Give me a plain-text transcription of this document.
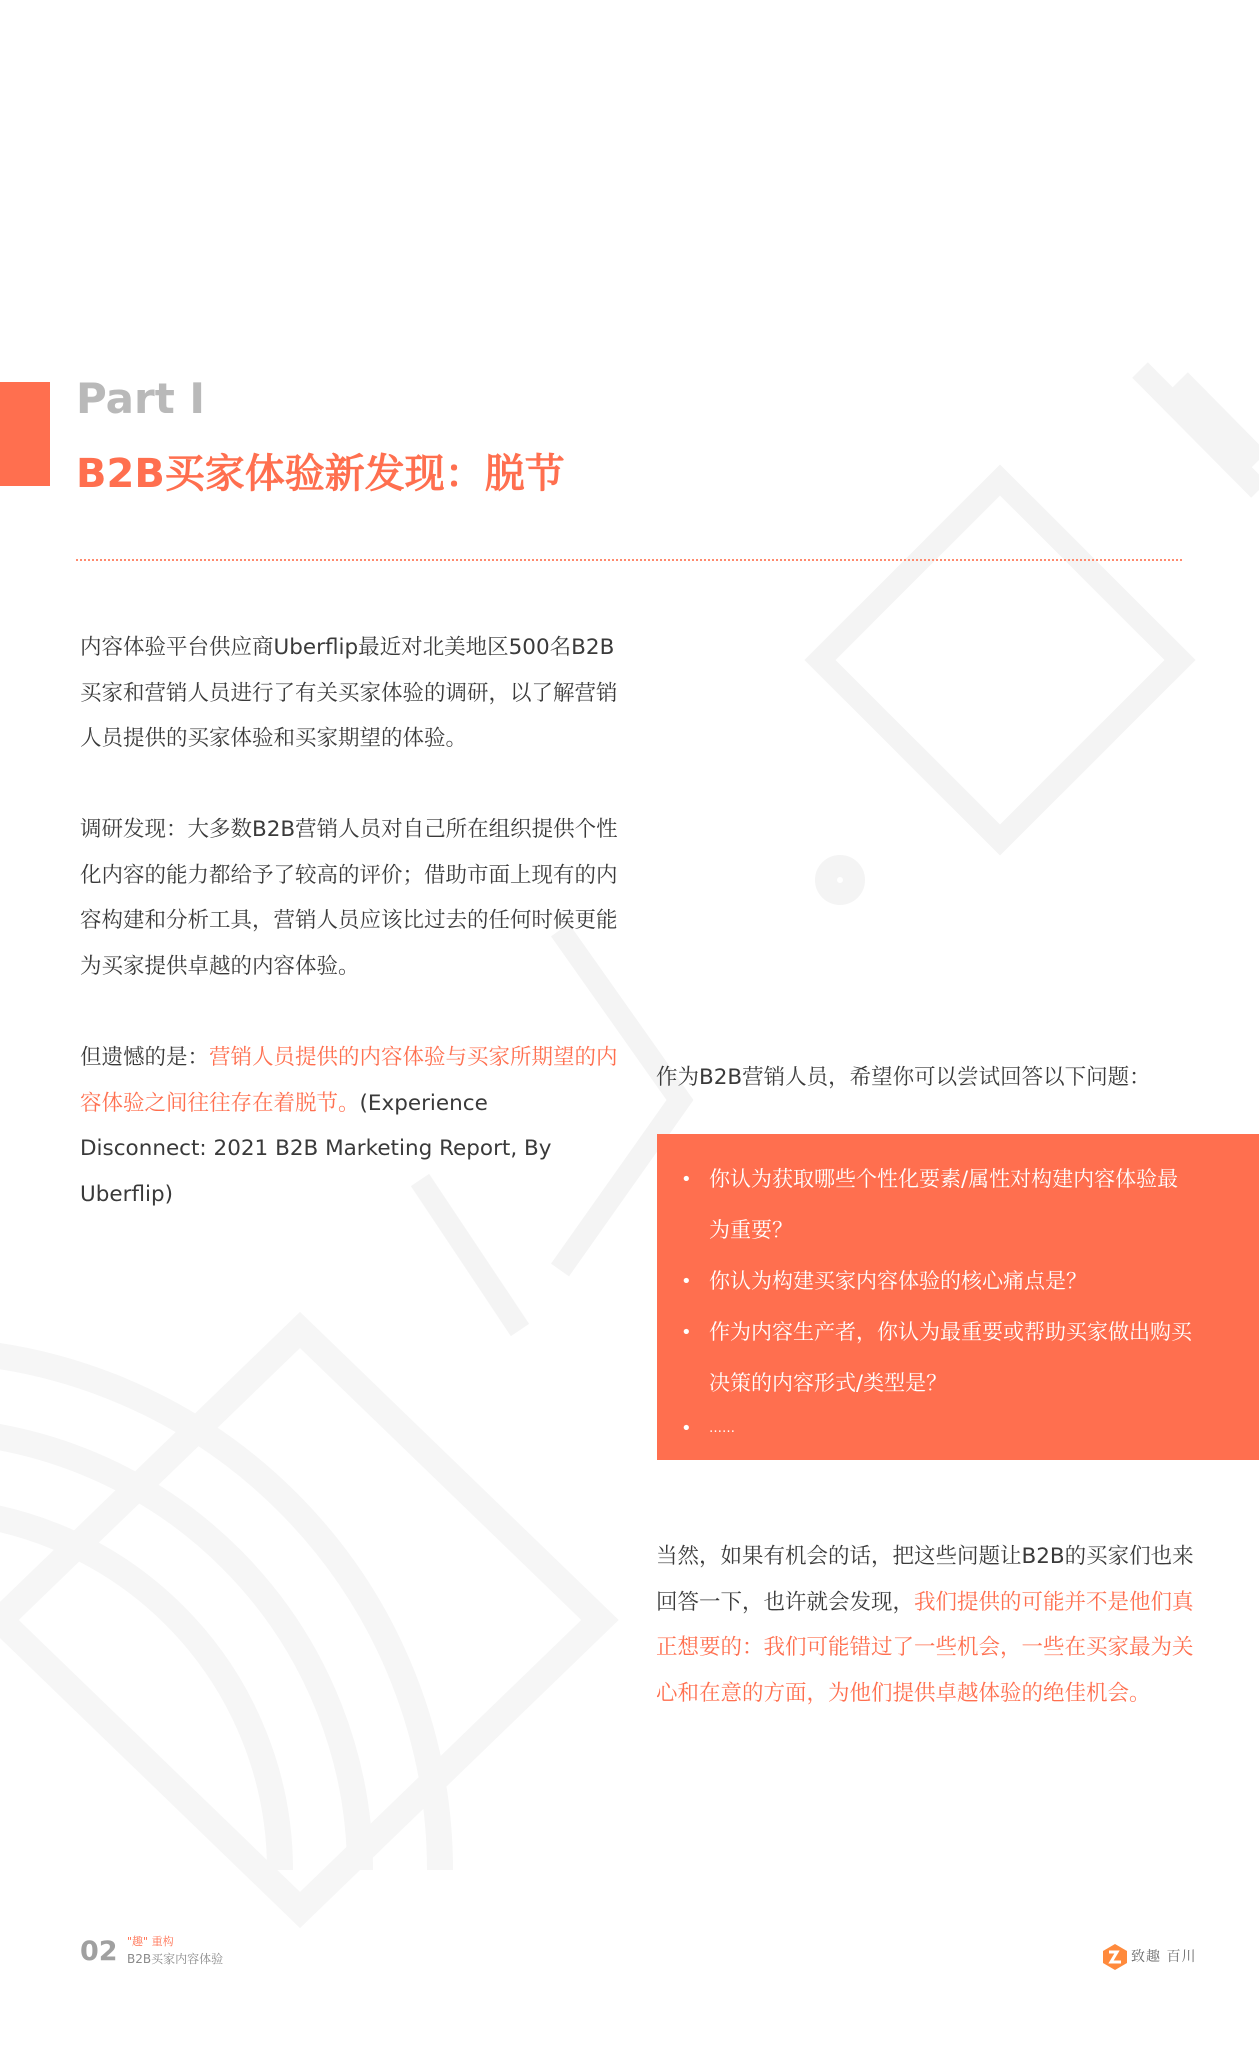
Part I
B2B买家体验新发现：脱节

内容体验平台供应商Uberflip最近对北美地区500名B2B买家和营销人员进行了有关买家体验的调研，以了解营销人员提供的买家体验和买家期望的体验。

调研发现：大多数B2B营销人员对自己所在组织提供个性化内容的能力都给予了较高的评价；借助市面上现有的内容构建和分析工具，营销人员应该比过去的任何时候更能为买家提供卓越的内容体验。

但遗憾的是：营销人员提供的内容体验与买家所期望的内容体验之间往往存在着脱节。(Experience Disconnect: 2021 B2B Marketing Report, By Uberflip)

作为B2B营销人员，希望你可以尝试回答以下问题：

• 你认为获取哪些个性化要素/属性对构建内容体验最为重要？
• 你认为构建买家内容体验的核心痛点是？
• 作为内容生产者，你认为最重要或帮助买家做出购买决策的内容形式/类型是？
• ……

当然，如果有机会的话，把这些问题让B2B的买家们也来回答一下，也许就会发现，我们提供的可能并不是他们真正想要的：我们可能错过了一些机会，一些在买家最为关心和在意的方面，为他们提供卓越体验的绝佳机会。

02 "趣" 重构
B2B买家内容体验	致趣 百川
